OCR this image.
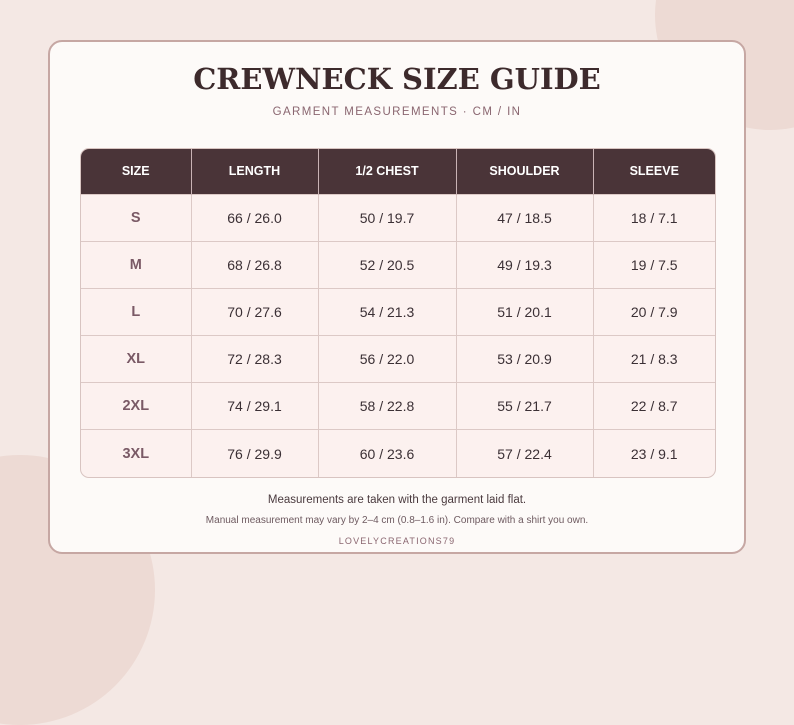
CREWNECK SIZE GUIDE
GARMENT MEASUREMENTS · CM / IN
SIZE	LENGTH	1/2 CHEST	SHOULDER	SLEEVE
S	66 / 26.0	50 / 19.7	47 / 18.5	18 / 7.1
M	68 / 26.8	52 / 20.5	49 / 19.3	19 / 7.5
L	70 / 27.6	54 / 21.3	51 / 20.1	20 / 7.9
XL	72 / 28.3	56 / 22.0	53 / 20.9	21 / 8.3
2XL	74 / 29.1	58 / 22.8	55 / 21.7	22 / 8.7
3XL	76 / 29.9	60 / 23.6	57 / 22.4	23 / 9.1
Measurements are taken with the garment laid flat.
Manual measurement may vary by 2–4 cm (0.8–1.6 in). Compare with a shirt you own.
LOVELYCREATIONS79
